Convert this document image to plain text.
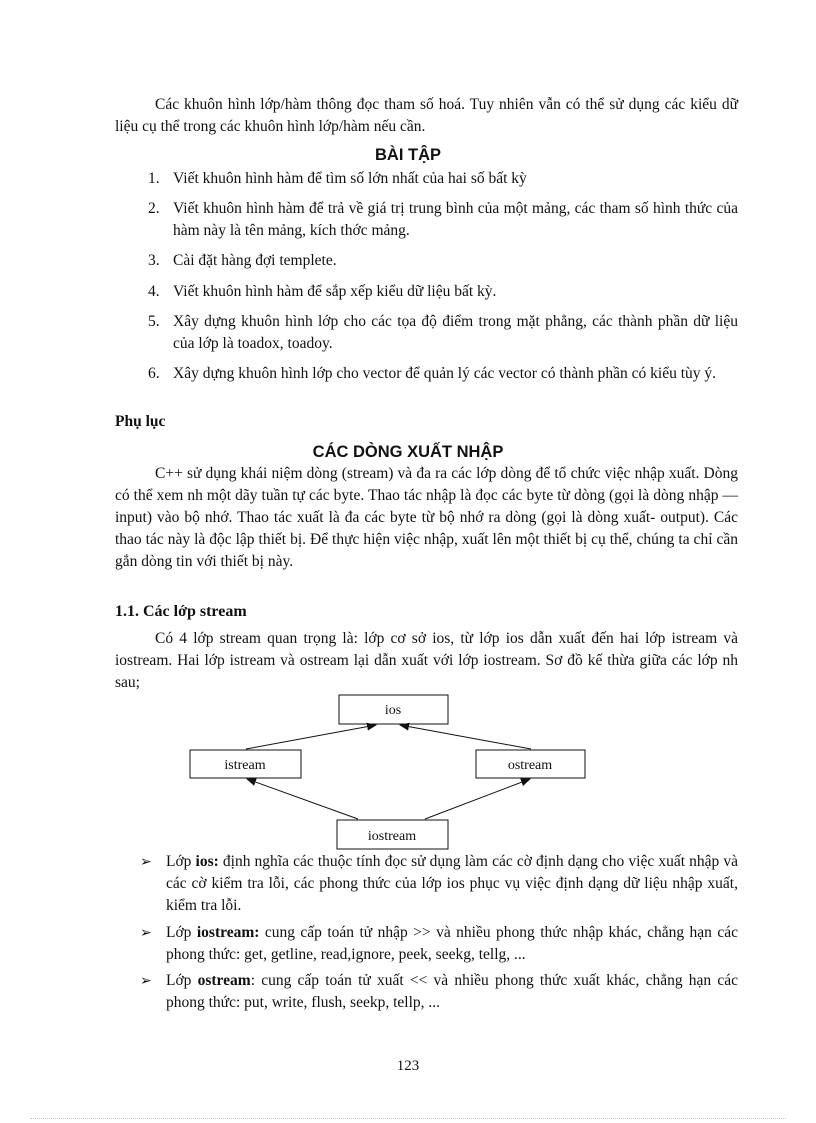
Các khuôn hình lớp/hàm thông đọc tham số hoá. Tuy nhiên vẫn có thể sử dụng các kiểu dữ liệu cụ thể trong các khuôn hình lớp/hàm nếu cần.

BÀI TẬP
1. Viết khuôn hình hàm để tìm số lớn nhất của hai số bất kỳ
2. Viết khuôn hình hàm để trả về giá trị trung bình của một mảng, các tham số hình thức của hàm này là tên mảng, kích thớc mảng.
3. Cài đặt hàng đợi templete.
4. Viết khuôn hình hàm để sắp xếp kiểu dữ liệu bất kỳ.
5. Xây dựng khuôn hình lớp cho các tọa độ điểm trong mặt phẳng, các thành phần dữ liệu của lớp là toadox, toadoy.
6. Xây dựng khuôn hình lớp cho vector để quản lý các vector có thành phần có kiểu tùy ý.
Phụ lục
CÁC DÒNG XUẤT NHẬP

C++ sử dụng khái niệm dòng (stream) và đa ra các lớp dòng để tổ chức việc nhập xuất. Dòng có thể xem nh một dãy tuần tự các byte. Thao tác nhập là đọc các byte từ dòng (gọi là dòng nhập — input) vào bộ nhớ. Thao tác xuất là đa các byte từ bộ nhớ ra dòng (gọi là dòng xuất- output). Các thao tác này là độc lập thiết bị. Để thực hiện việc nhập, xuất lên một thiết bị cụ thể, chúng ta chỉ cần gắn dòng tin với thiết bị này.

1.1. Các lớp stream

Có 4 lớp stream quan trọng là: lớp cơ sở ios, từ lớp ios dẫn xuất đến hai lớp istream và iostream. Hai lớp istream và ostream lại dẫn xuất với lớp iostream. Sơ đồ kế thừa giữa các lớp nh sau;

ios
istream	ostream
iostream
➢ Lớp ios: định nghĩa các thuộc tính đọc sử dụng làm các cờ định dạng cho việc xuất nhập và các cờ kiểm tra lỗi, các phong thức của lớp ios phục vụ việc định dạng dữ liệu nhập xuất, kiểm tra lỗi.
➢ Lớp iostream: cung cấp toán tử nhập >> và nhiều phong thức nhập khác, chẳng hạn các phong thức: get, getline, read,ignore, peek, seekg, tellg, ...
➢ Lớp ostream: cung cấp toán tử xuất << và nhiều phong thức xuất khác, chẳng hạn các phong thức: put, write, flush, seekp, tellp, ...
123
